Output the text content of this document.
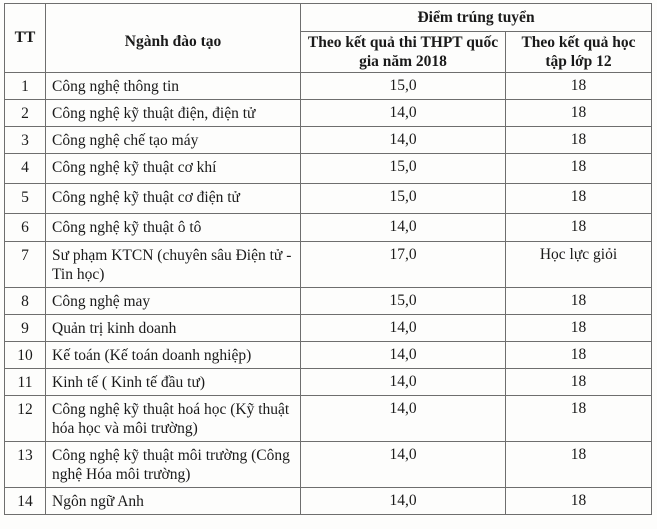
TT	Ngành đào tạo	Điểm trúng tuyển	
		Theo kết quả thi THPT quốc gia năm 2018	Theo kết quả học tập lớp 12
1	Công nghệ thông tin	15,0	18
2	Công nghệ kỹ thuật điện, điện tử	14,0	18
3	Công nghệ chế tạo máy	14,0	18
4	Công nghệ kỹ thuật cơ khí	15,0	18
5	Công nghệ kỹ thuật cơ điện tử	15,0	18
6	Công nghệ kỹ thuật ô tô	14,0	18
7	Sư phạm KTCN (chuyên sâu Điện tử - Tin học)	17,0	Học lực giỏi
8	Công nghệ may	15,0	18
9	Quản trị kinh doanh	14,0	18
10	Kế toán (Kế toán doanh nghiệp)	14,0	18
11	Kinh tế ( Kinh tế đầu tư)	14,0	18
12	Công nghệ kỹ thuật hoá học (Kỹ thuật hóa học và môi trường)	14,0	18
13	Công nghệ kỹ thuật môi trường (Công nghệ Hóa môi trường)	14,0	18
14	Ngôn ngữ Anh	14,0	18
